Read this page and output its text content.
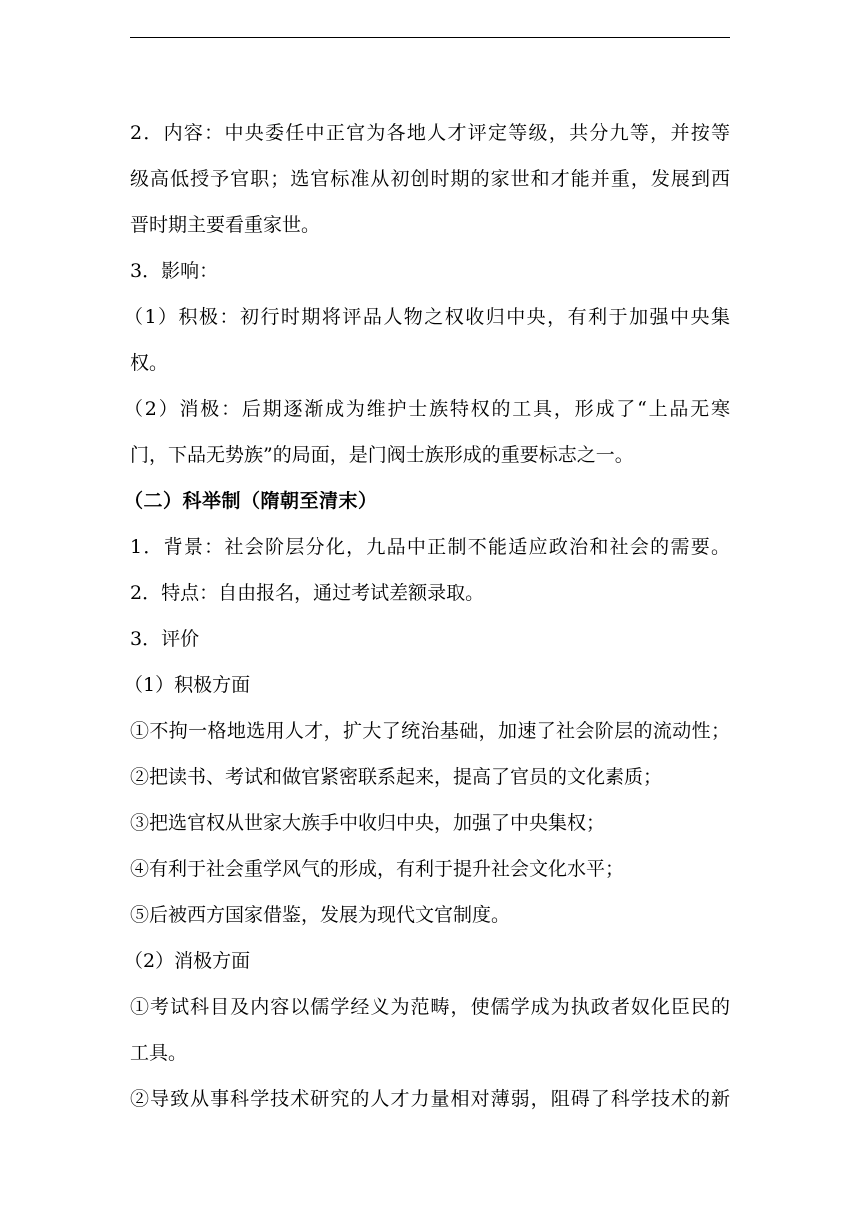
2．内容：中央委任中正官为各地人才评定等级，共分九等，并按等
级高低授予官职；选官标准从初创时期的家世和才能并重，发展到西
晋时期主要看重家世。
3．影响：
（1）积极：初行时期将评品人物之权收归中央，有利于加强中央集
权。
（2）消极：后期逐渐成为维护士族特权的工具，形成了“上品无寒
门，下品无势族”的局面，是门阀士族形成的重要标志之一。
（二）科举制（隋朝至清末）
1．背景：社会阶层分化，九品中正制不能适应政治和社会的需要。
2．特点：自由报名，通过考试差额录取。
3．评价
（1）积极方面
①不拘一格地选用人才，扩大了统治基础，加速了社会阶层的流动性；
②把读书、考试和做官紧密联系起来，提高了官员的文化素质；
③把选官权从世家大族手中收归中央，加强了中央集权；
④有利于社会重学风气的形成，有利于提升社会文化水平；
⑤后被西方国家借鉴，发展为现代文官制度。
（2）消极方面
①考试科目及内容以儒学经义为范畴，使儒学成为执政者奴化臣民的
工具。
②导致从事科学技术研究的人才力量相对薄弱，阻碍了科学技术的新
